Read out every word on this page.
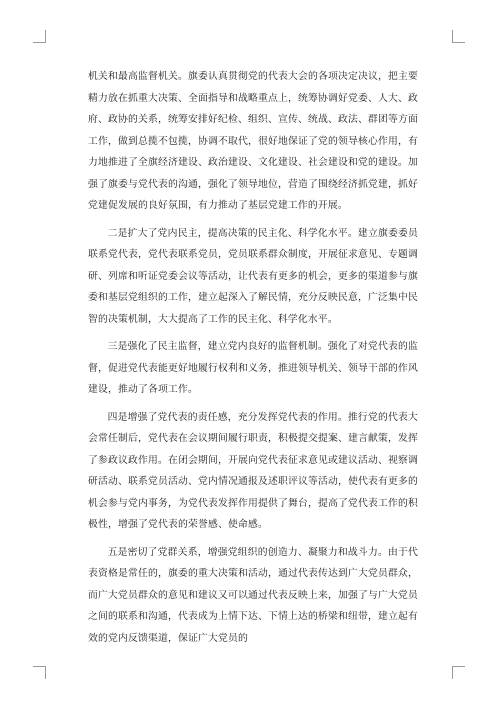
机关和最高监督机关。旗委认真贯彻党的代表大会的各项决定决议，把主要精力放在抓重大决策、全面指导和战略重点上，统筹协调好党委、人大、政府、政协的关系，统筹安排好纪检、组织、宣传、统战、政法、群团等方面工作，做到总揽不包揽，协调不取代，很好地保证了党的领导核心作用，有力地推进了全旗经济建设、政治建设、文化建设、社会建设和党的建设。加强了旗委与党代表的沟通，强化了领导地位，营造了围绕经济抓党建，抓好党建促发展的良好氛围，有力推动了基层党建工作的开展。

二是扩大了党内民主，提高决策的民主化、科学化水平。建立旗委委员联系党代表，党代表联系党员，党员联系群众制度，开展征求意见、专题调研、列席和听证党委会议等活动，让代表有更多的机会，更多的渠道参与旗委和基层党组织的工作，建立起深入了解民情，充分反映民意，广泛集中民智的决策机制，大大提高了工作的民主化、科学化水平。

三是强化了民主监督，建立党内良好的监督机制。强化了对党代表的监督，促进党代表能更好地履行权利和义务，推进领导机关、领导干部的作风建设，推动了各项工作。

四是增强了党代表的责任感，充分发挥党代表的作用。推行党的代表大会常任制后，党代表在会议期间履行职责，积极提交提案、建言献策，发挥了参政议政作用。在闭会期间，开展向党代表征求意见或建议活动、视察调研活动、联系党员活动、党内情况通报及述职评议等活动，使代表有更多的机会参与党内事务，为党代表发挥作用提供了舞台，提高了党代表工作的积极性，增强了党代表的荣誉感、使命感。

五是密切了党群关系，增强党组织的创造力、凝聚力和战斗力。由于代表资格是常任的，旗委的重大决策和活动，通过代表传达到广大党员群众，而广大党员群众的意见和建议又可以通过代表反映上来，加强了与广大党员之间的联系和沟通，代表成为上情下达、下情上达的桥梁和纽带，建立起有效的党内反馈渠道，保证广大党员的
